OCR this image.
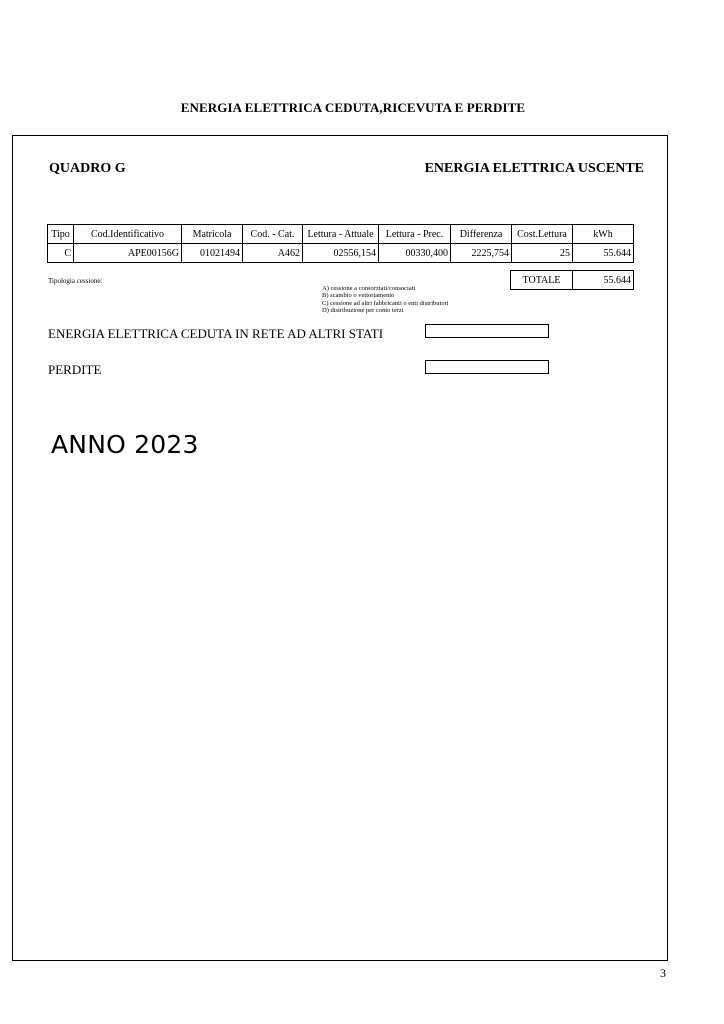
ENERGIA ELETTRICA CEDUTA,RICEVUTA E PERDITE
QUADRO G	ENERGIA ELETTRICA USCENTE
Tipo	Cod.Identificativo	Matricola	Cod. - Cat.	Lettura - Attuale	Lettura - Prec.	Differenza	Cost.Lettura	kWh
C	APE00156G	01021494	A462	02556,154	00330,400	2225,754	25	55.644
TOTALE	55.644
Tipologia cessione:
A) cessione a consorziati/consociati
B) scambio o vettoriamento
C) cessione ad altri fabbricanti o enti distributori
D) distribuzione per conto terzi
ENERGIA ELETTRICA CEDUTA IN RETE AD ALTRI STATI
PERDITE
ANNO 2023
3
